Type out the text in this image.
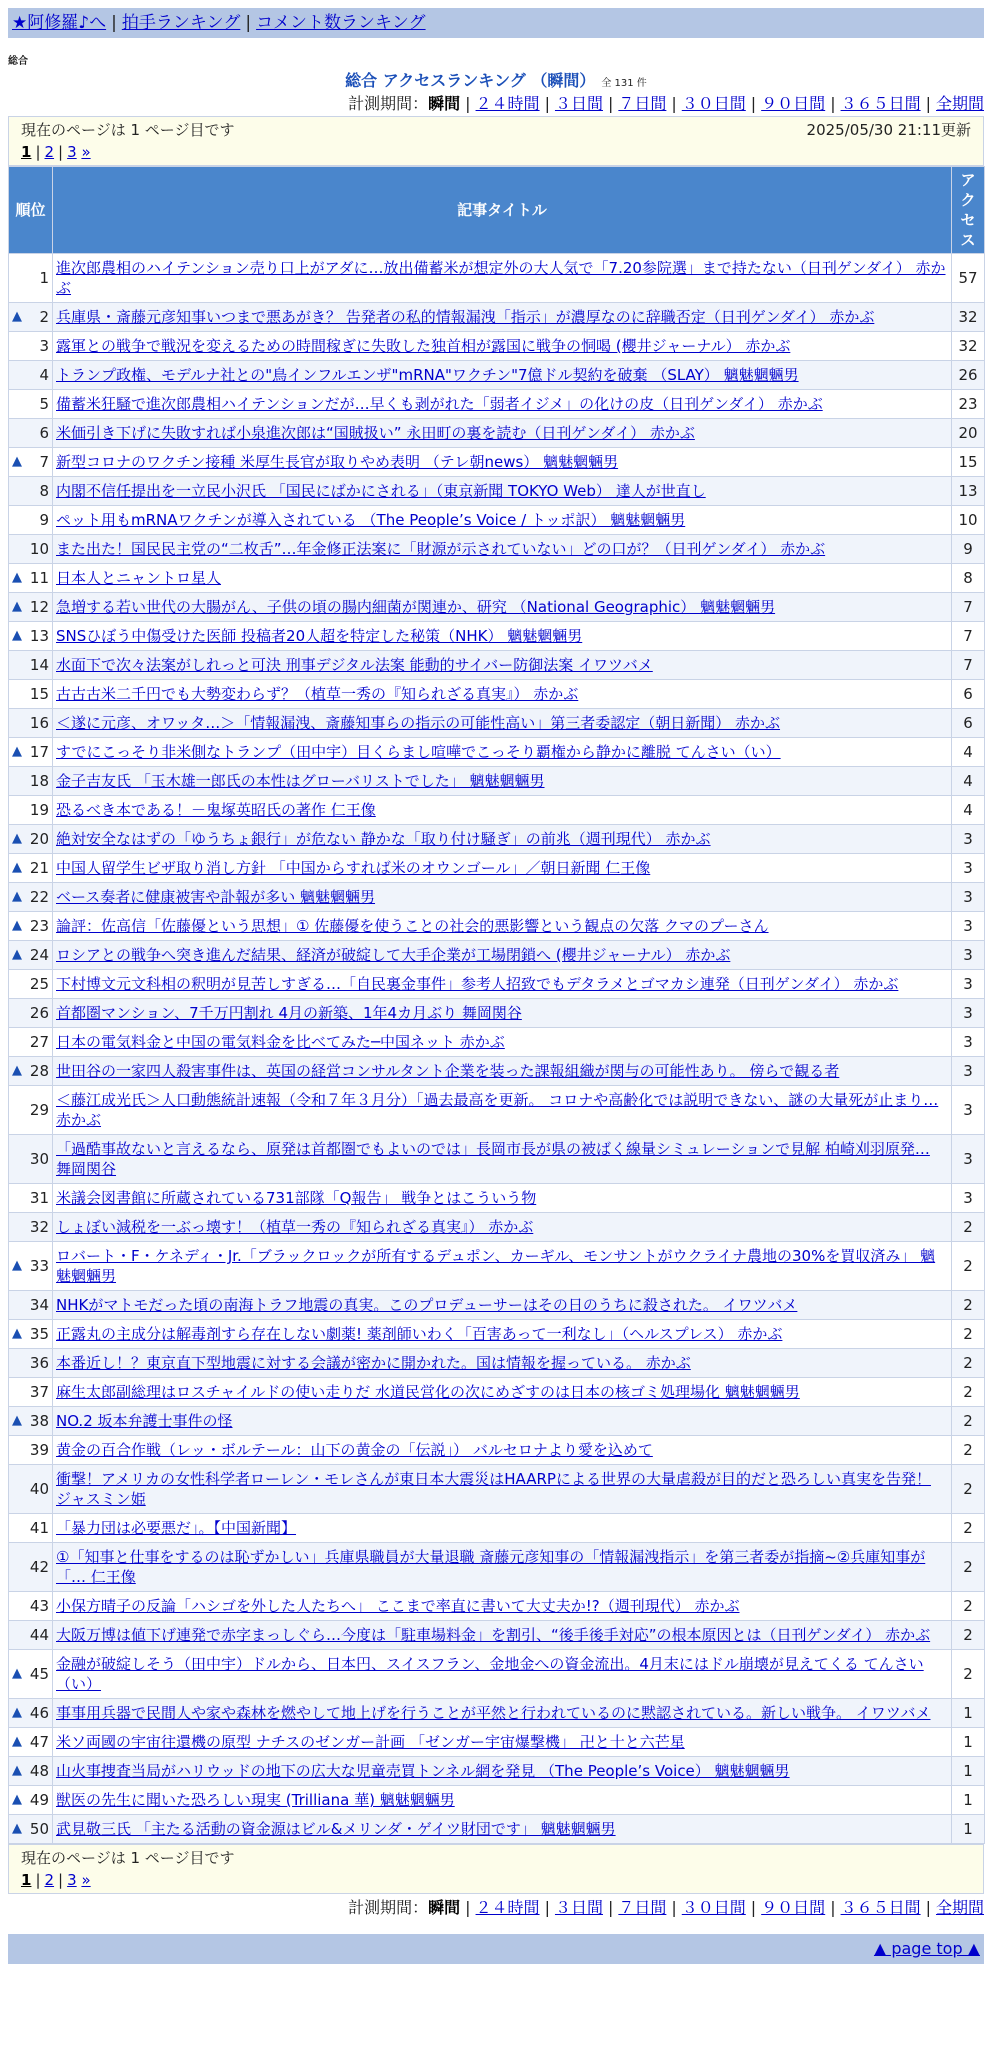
★阿修羅♪へ | 拍手ランキング | コメント数ランキング
総合
総合 アクセスランキング （瞬間） 全 131 件
計測期間：瞬間 | ２４時間 | ３日間 | ７日間 | ３０日間 | ９０日間 | ３６５日間 | 全期間
現在のページは 1 ページ目です	2025/05/30 21:11更新
1 | 2 | 3 »
順位	記事タイトル	アクセス
1	進次郎農相のハイテンション売り口上がアダに…放出備蓄米が想定外の大人気で「7.20参院選」まで持たない（日刊ゲンダイ） 赤かぶ	57

▲ 2	兵庫県・斎藤元彦知事いつまで悪あがき？ 告発者の私的情報漏洩「指示」が濃厚なのに辞職否定（日刊ゲンダイ） 赤かぶ	32
3	露軍との戦争で戦況を変えるための時間稼ぎに失敗した独首相が露国に戦争の恫喝 (櫻井ジャーナル） 赤かぶ	32
4	トランプ政権、モデルナ社との"鳥インフルエンザ"mRNA"ワクチン"7億ドル契約を破棄 （SLAY） 魑魅魍魎男	26
5	備蓄米狂騒で進次郎農相ハイテンションだが…早くも剥がれた「弱者イジメ」の化けの皮（日刊ゲンダイ） 赤かぶ	23
6	米価引き下げに失敗すれば小泉進次郎は“国賊扱い” 永田町の裏を読む（日刊ゲンダイ） 赤かぶ	20

▲ 7	新型コロナのワクチン接種 米厚生長官が取りやめ表明 （テレ朝news） 魑魅魍魎男	15
8	内閣不信任提出を一立民小沢氏 「国民にばかにされる」（東京新聞 TOKYO Web） 達人が世直し	13
9	ペット用もmRNAワクチンが導入されている （The People’s Voice / トッポ訳） 魑魅魍魎男	10
10	また出た！国民民主党の“二枚舌”…年金修正法案に「財源が示されていない」どの口が？（日刊ゲンダイ） 赤かぶ	9

▲ 11	日本人とニャントロ星人	8

▲ 12	急増する若い世代の大腸がん、子供の頃の腸内細菌が関連か、研究 （National Geographic） 魑魅魍魎男	7

▲ 13	SNSひぼう中傷受けた医師 投稿者20人超を特定した秘策（NHK） 魑魅魍魎男	7
14	水面下で次々法案がしれっと可決 刑事デジタル法案 能動的サイバー防御法案 イワツバメ	7
15	古古古米二千円でも大勢変わらず？（植草一秀の『知られざる真実』） 赤かぶ	6
16	＜遂に元彦、オワッタ…＞「情報漏洩、斎藤知事らの指示の可能性高い」第三者委認定（朝日新聞） 赤かぶ	6

▲ 17	すでにこっそり非米側なトランプ（田中宇）目くらまし喧嘩でこっそり覇権から静かに離脱 てんさい（い）	4
18	金子吉友氏 「玉木雄一郎氏の本性はグローバリストでした」 魑魅魍魎男	4
19	恐るべき本である！－鬼塚英昭氏の著作 仁王像	4

▲ 20	絶対安全なはずの「ゆうちょ銀行」が危ない 静かな「取り付け騒ぎ」の前兆（週刊現代） 赤かぶ	3

▲ 21	中国人留学生ビザ取り消し方針 「中国からすれば米のオウンゴール」／朝日新聞 仁王像	3

▲ 22	ベース奏者に健康被害や訃報が多い 魑魅魍魎男	3

▲ 23	論評：佐高信「佐藤優という思想」① 佐藤優を使うことの社会的悪影響という観点の欠落 クマのプーさん	3

▲ 24	ロシアとの戦争へ突き進んだ結果、経済が破綻して大手企業が工場閉鎖へ (櫻井ジャーナル） 赤かぶ	3
25	下村博文元文科相の釈明が見苦しすぎる…「自民裏金事件」参考人招致でもデタラメとゴマカシ連発（日刊ゲンダイ） 赤かぶ	3
26	首都圏マンション、7千万円割れ 4月の新築、1年4カ月ぶり 舞岡関谷	3
27	日本の電気料金と中国の電気料金を比べてみた─中国ネット 赤かぶ	3

▲ 28	世田谷の一家四人殺害事件は、英国の経営コンサルタント企業を装った課報組織が関与の可能性あり。 傍らで観る者	3
29	＜藤江成光氏＞人口動態統計速報（令和７年３月分）「過去最高を更新。 コロナや高齢化では説明できない、謎の大量死が止まり… 赤かぶ	3
30	「過酷事故ないと言えるなら、原発は首都圏でもよいのでは」長岡市長が県の被ばく線量シミュレーションで見解 柏崎刈羽原発… 舞岡関谷	3
31	米議会図書館に所蔵されている731部隊「Q報告」 戦争とはこういう物	3
32	しょぼい減税を一ぶっ壊す！（植草一秀の『知られざる真実』） 赤かぶ	2

▲ 33	ロバート・F・ケネディ・Jr.「ブラックロックが所有するデュポン、カーギル、モンサントがウクライナ農地の30%を買収済み」 魑魅魍魎男	2
34	NHKがマトモだった頃の南海トラフ地震の真実。このプロデューサーはその日のうちに殺された。 イワツバメ	2

▲ 35	正露丸の主成分は解毒剤すら存在しない劇薬! 薬剤師いわく「百害あって一利なし」（ヘルスプレス） 赤かぶ	2
36	本番近し！？東京直下型地震に対する会議が密かに開かれた。国は情報を握っている。 赤かぶ	2
37	麻生太郎副総理はロスチャイルドの使い走りだ 水道民営化の次にめざすのは日本の核ゴミ処理場化 魑魅魍魎男	2

▲ 38	NO.2 坂本弁護士事件の怪	2
39	黄金の百合作戦（レッ・ボルテール：山下の黄金の「伝説」） バルセロナより愛を込めて	2
40	衝撃！アメリカの女性科学者ローレン・モレさんが東日本大震災はHAARPによる世界の大量虐殺が目的だと恐ろしい真実を告発！ ジャスミン姫	2
41	「暴力団は必要悪だ」。【中国新聞】	2
42	①「知事と仕事をするのは恥ずかしい」兵庫県職員が大量退職 斎藤元彦知事の「情報漏洩指示」を第三者委が指摘~②兵庫知事が「… 仁王像	2
43	小保方晴子の反論「ハシゴを外した人たちへ」 ここまで率直に書いて大丈夫か!?（週刊現代） 赤かぶ	2
44	大阪万博は値下げ連発で赤字まっしぐら…今度は「駐車場料金」を割引、“後手後手対応”の根本原因とは（日刊ゲンダイ） 赤かぶ	2

▲ 45	金融が破綻しそう（田中宇）ドルから、日本円、スイスフラン、金地金への資金流出。4月末にはドル崩壊が見えてくる てんさい（い）	2

▲ 46	事事用兵器で民間人や家や森林を燃やして地上げを行うことが平然と行われているのに黙認されている。新しい戦争。 イワツバメ	1

▲ 47	米ソ両國の宇宙往還機の原型 ナチスのゼンガー計画 「ゼンガー宇宙爆撃機」 卍と十と六芒星	1

▲ 48	山火事捜査当局がハリウッドの地下の広大な児童売買トンネル網を発見 （The People’s Voice） 魑魅魍魎男	1

▲ 49	獣医の先生に聞いた恐ろしい現実 (Trilliana 華) 魑魅魍魎男	1

▲ 50	武見敬三氏 「主たる活動の資金源はビル&メリンダ・ゲイツ財団です」 魑魅魍魎男	1
現在のページは 1 ページ目です
1 | 2 | 3 »
計測期間：瞬間 | ２４時間 | ３日間 | ７日間 | ３０日間 | ９０日間 | ３６５日間 | 全期間
▲ page top ▲
